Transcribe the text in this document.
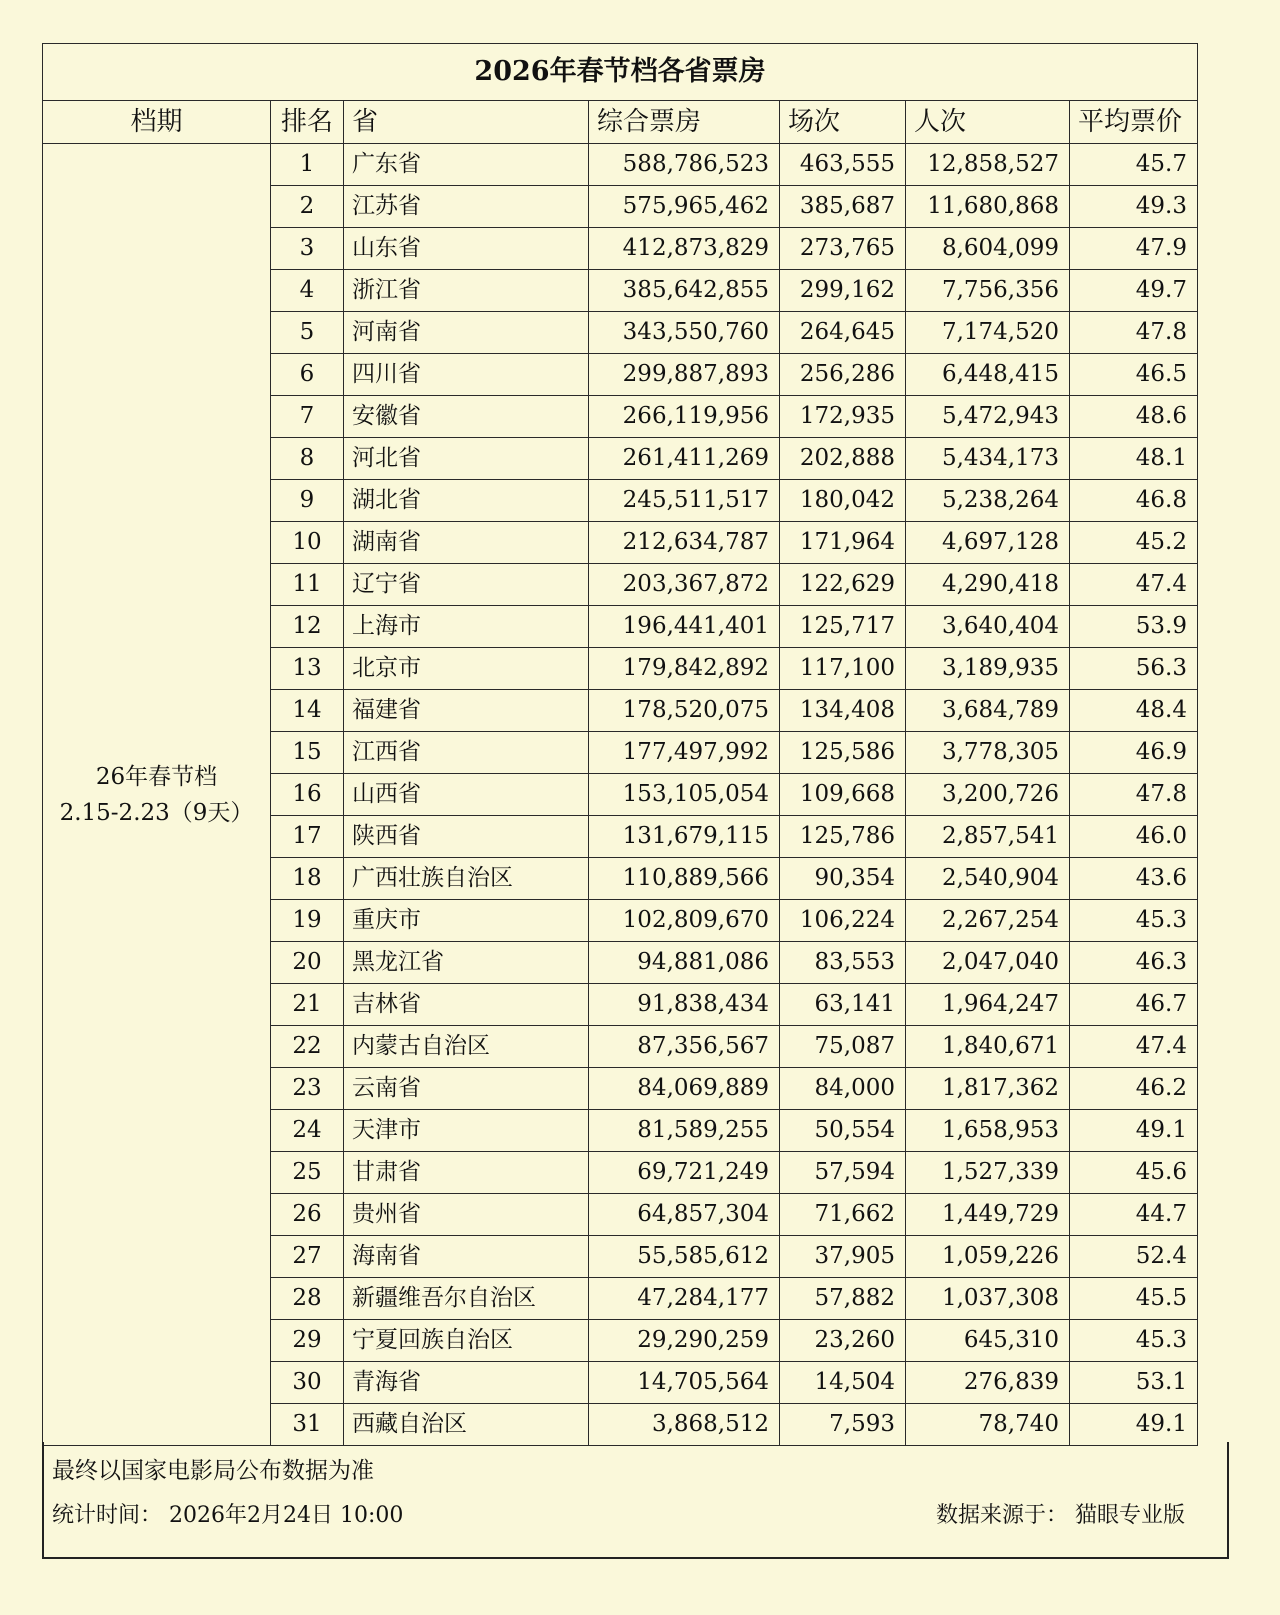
2026年春节档各省票房						
档期	排名	省	综合票房	场次	人次	平均票价

26年春节档
2.15-2.23（9天）	1	广东省	588,786,523	463,555	12,858,527	45.7
	2	江苏省	575,965,462	385,687	11,680,868	49.3
	3	山东省	412,873,829	273,765	8,604,099	47.9
	4	浙江省	385,642,855	299,162	7,756,356	49.7
	5	河南省	343,550,760	264,645	7,174,520	47.8
	6	四川省	299,887,893	256,286	6,448,415	46.5
	7	安徽省	266,119,956	172,935	5,472,943	48.6
	8	河北省	261,411,269	202,888	5,434,173	48.1
	9	湖北省	245,511,517	180,042	5,238,264	46.8
	10	湖南省	212,634,787	171,964	4,697,128	45.2
	11	辽宁省	203,367,872	122,629	4,290,418	47.4
	12	上海市	196,441,401	125,717	3,640,404	53.9
	13	北京市	179,842,892	117,100	3,189,935	56.3
	14	福建省	178,520,075	134,408	3,684,789	48.4
	15	江西省	177,497,992	125,586	3,778,305	46.9
	16	山西省	153,105,054	109,668	3,200,726	47.8
	17	陕西省	131,679,115	125,786	2,857,541	46.0
	18	广西壮族自治区	110,889,566	90,354	2,540,904	43.6
	19	重庆市	102,809,670	106,224	2,267,254	45.3
	20	黑龙江省	94,881,086	83,553	2,047,040	46.3
	21	吉林省	91,838,434	63,141	1,964,247	46.7
	22	内蒙古自治区	87,356,567	75,087	1,840,671	47.4
	23	云南省	84,069,889	84,000	1,817,362	46.2
	24	天津市	81,589,255	50,554	1,658,953	49.1
	25	甘肃省	69,721,249	57,594	1,527,339	45.6
	26	贵州省	64,857,304	71,662	1,449,729	44.7
	27	海南省	55,585,612	37,905	1,059,226	52.4
	28	新疆维吾尔自治区	47,284,177	57,882	1,037,308	45.5
	29	宁夏回族自治区	29,290,259	23,260	645,310	45.3
	30	青海省	14,705,564	14,504	276,839	53.1
	31	西藏自治区	3,868,512	7,593	78,740	49.1
最终以国家电影局公布数据为准
统计时间： 2026年2月24日 10:00	数据来源于： 猫眼专业版
